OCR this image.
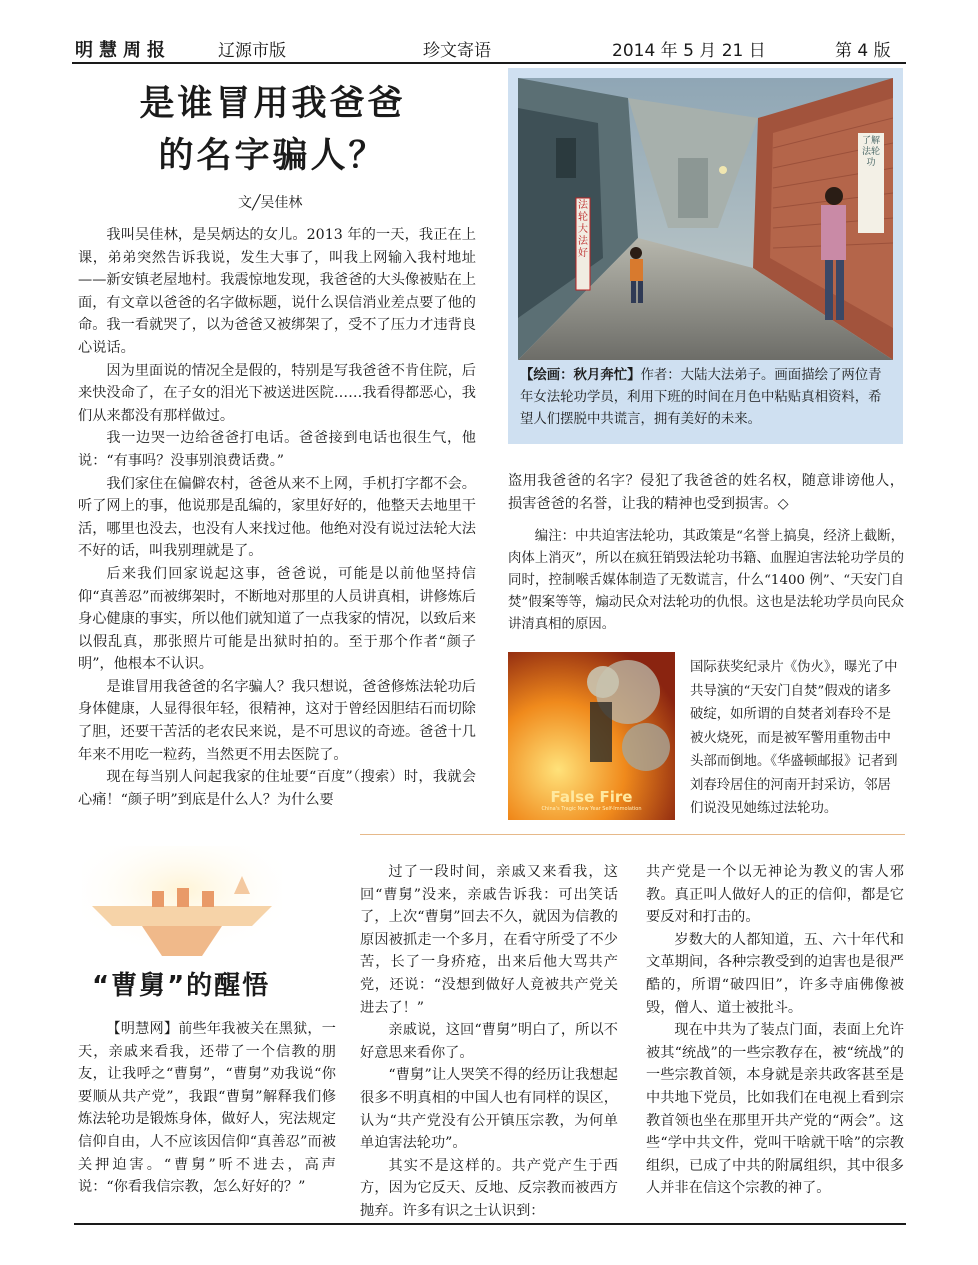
明慧周报	辽源市版	珍文寄语	2014 年 5 月 21 日	第 4 版
是谁冒用我爸爸
的名字骗人？
文╱吴佳林

我叫吴佳林，是吴炳达的女儿。2013 年的一天，我正在上课，弟弟突然告诉我说，发生大事了，叫我上网输入我村地址——新安镇老屋地村。我震惊地发现，我爸爸的大头像被贴在上面，有文章以爸爸的名字做标题，说什么误信消业差点要了他的命。我一看就哭了，以为爸爸又被绑架了，受不了压力才违背良心说话。

因为里面说的情况全是假的，特别是写我爸爸不肯住院，后来快没命了，在子女的泪光下被送进医院……我看得都恶心，我们从来都没有那样做过。

我一边哭一边给爸爸打电话。爸爸接到电话也很生气，他说：“有事吗？没事别浪费话费。”

我们家住在偏僻农村，爸爸从来不上网，手机打字都不会。听了网上的事，他说那是乱编的，家里好好的，他整天去地里干活，哪里也没去，也没有人来找过他。他绝对没有说过法轮大法不好的话，叫我别理就是了。

后来我们回家说起这事，爸爸说，可能是以前他坚持信仰“真善忍”而被绑架时，不断地对那里的人员讲真相，讲修炼后身心健康的事实，所以他们就知道了一点我家的情况，以致后来以假乱真，那张照片可能是出狱时拍的。至于那个作者“颜子明”，他根本不认识。

是谁冒用我爸爸的名字骗人？我只想说，爸爸修炼法轮功后身体健康，人显得很年轻，很精神，这对于曾经因胆结石而切除了胆，还要干苦活的老农民来说，是不可思议的奇迹。爸爸十几年来不用吃一粒药，当然更不用去医院了。

现在每当别人问起我家的住址要“百度”（搜索）时，我就会心痛！“颜子明”到底是什么人？为什么要

法轮大法好
了解法轮功
【绘画：秋月奔忙】作者：大陆大法弟子。画面描绘了两位青年女法轮功学员，利用下班的时间在月色中粘贴真相资料，希望人们摆脱中共谎言，拥有美好的未来。

盗用我爸爸的名字？侵犯了我爸爸的姓名权，随意诽谤他人，损害爸爸的名誉，让我的精神也受到损害。◇

编注：中共迫害法轮功，其政策是“名誉上搞臭，经济上截断，肉体上消灭”，所以在疯狂销毁法轮功书籍、血腥迫害法轮功学员的同时，控制喉舌媒体制造了无数谎言，什么“1400 例”、“天安门自焚”假案等等，煽动民众对法轮功的仇恨。这也是法轮功学员向民众讲清真相的原因。
False Fire
China's Tragic New Year Self-Immolation
国际获奖纪录片《伪火》，曝光了中共导演的“天安门自焚”假戏的诸多破绽，如所谓的自焚者刘春玲不是被火烧死，而是被军警用重物击中头部而倒地。《华盛顿邮报》记者到刘春玲居住的河南开封采访，邻居们说没见她练过法轮功。
“曹舅”的醒悟

【明慧网】前些年我被关在黑狱，一天，亲戚来看我，还带了一个信教的朋友，让我呼之“曹舅”，“曹舅”劝我说“你要顺从共产党”，我跟“曹舅”解释我们修炼法轮功是锻炼身体，做好人，宪法规定信仰自由，人不应该因信仰“真善忍”而被关押迫害。“曹舅”听不进去，高声说：“你看我信宗教，怎么好好的？”

过了一段时间，亲戚又来看我，这回“曹舅”没来，亲戚告诉我：可出笑话了，上次“曹舅”回去不久，就因为信教的原因被抓走一个多月，在看守所受了不少苦，长了一身疥疮，出来后他大骂共产党，还说：“没想到做好人竟被共产党关进去了！”

亲戚说，这回“曹舅”明白了，所以不好意思来看你了。

“曹舅”让人哭笑不得的经历让我想起很多不明真相的中国人也有同样的误区，认为“共产党没有公开镇压宗教，为何单单迫害法轮功”。

其实不是这样的。共产党产生于西方，因为它反天、反地、反宗教而被西方抛弃。许多有识之士认识到：

共产党是一个以无神论为教义的害人邪教。真正叫人做好人的正的信仰，都是它要反对和打击的。

岁数大的人都知道，五、六十年代和文革期间，各种宗教受到的迫害也是很严酷的，所谓“破四旧”，许多寺庙佛像被毁，僧人、道士被批斗。

现在中共为了装点门面，表面上允许被其“统战”的一些宗教存在，被“统战”的一些宗教首领，本身就是亲共政客甚至是中共地下党员，比如我们在电视上看到宗教首领也坐在那里开共产党的“两会”。这些“学中共文件，党叫干啥就干啥”的宗教组织，已成了中共的附属组织，其中很多人并非在信这个宗教的神了。
